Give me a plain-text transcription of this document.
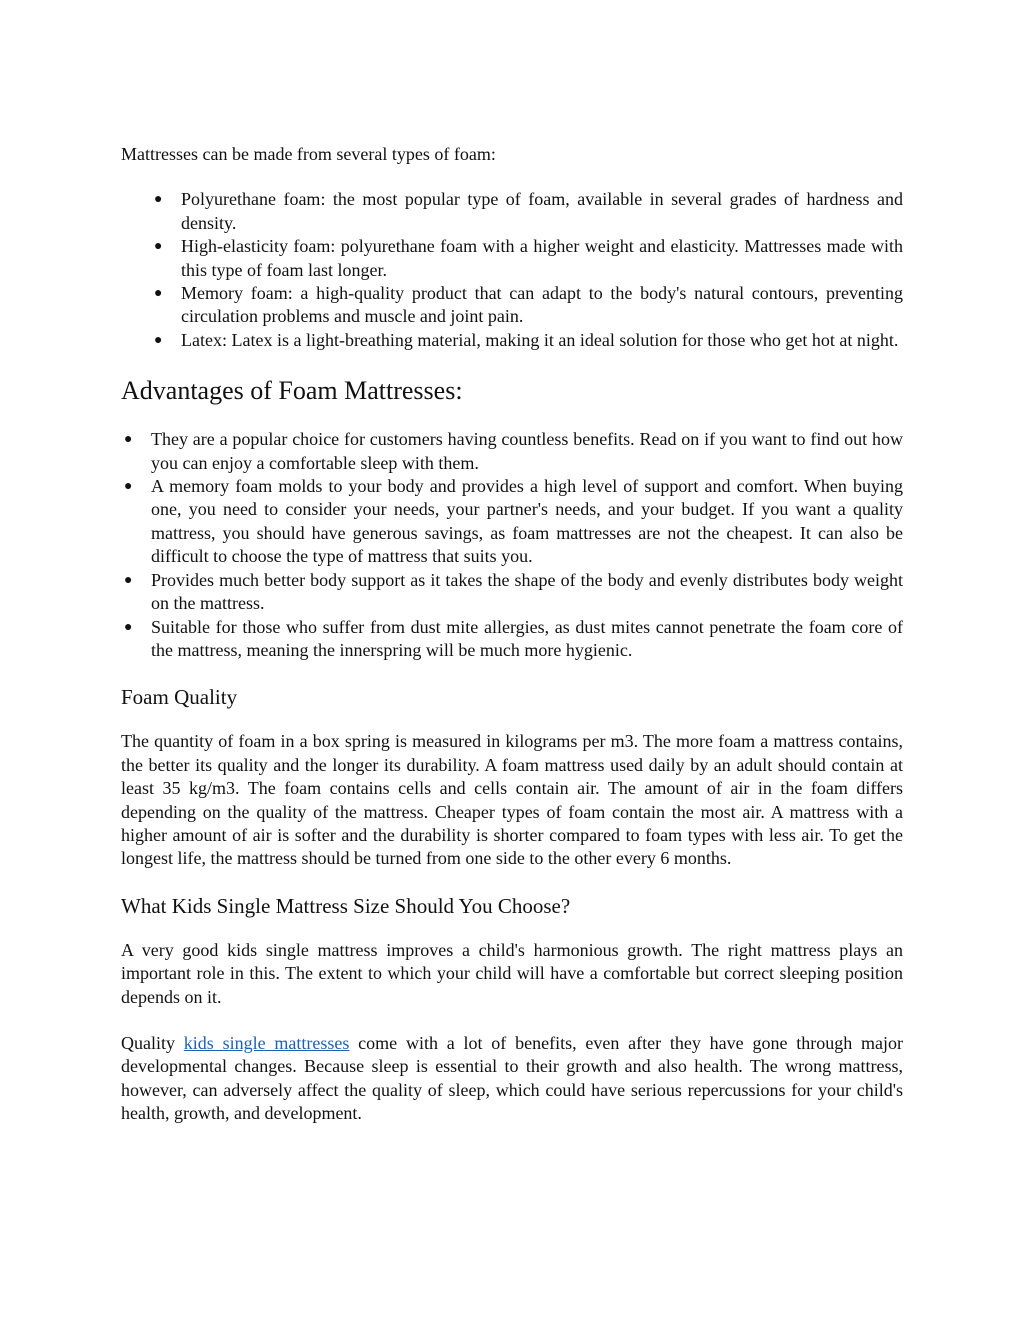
Mattresses can be made from several types of foam:

● Polyurethane foam: the most popular type of foam, available in several grades of hardness and density.
● High-elasticity foam: polyurethane foam with a higher weight and elasticity. Mattresses made with this type of foam last longer.
● Memory foam: a high-quality product that can adapt to the body's natural contours, preventing circulation problems and muscle and joint pain.
● Latex: Latex is a light-breathing material, making it an ideal solution for those who get hot at night.
Advantages of Foam Mattresses:
● They are a popular choice for customers having countless benefits. Read on if you want to find out how you can enjoy a comfortable sleep with them.
● A memory foam molds to your body and provides a high level of support and comfort. When buying one, you need to consider your needs, your partner's needs, and your budget. If you want a quality mattress, you should have generous savings, as foam mattresses are not the cheapest. It can also be difficult to choose the type of mattress that suits you.
● Provides much better body support as it takes the shape of the body and evenly distributes body weight on the mattress.
● Suitable for those who suffer from dust mite allergies, as dust mites cannot penetrate the foam core of the mattress, meaning the innerspring will be much more hygienic.
Foam Quality

The quantity of foam in a box spring is measured in kilograms per m3. The more foam a mattress contains, the better its quality and the longer its durability. A foam mattress used daily by an adult should contain at least 35 kg/m3. The foam contains cells and cells contain air. The amount of air in the foam differs depending on the quality of the mattress. Cheaper types of foam contain the most air. A mattress with a higher amount of air is softer and the durability is shorter compared to foam types with less air. To get the longest life, the mattress should be turned from one side to the other every 6 months.

What Kids Single Mattress Size Should You Choose?

A very good kids single mattress improves a child's harmonious growth. The right mattress plays an important role in this. The extent to which your child will have a comfortable but correct sleeping position depends on it.

Quality kids single mattresses come with a lot of benefits, even after they have gone through major developmental changes. Because sleep is essential to their growth and also health. The wrong mattress, however, can adversely affect the quality of sleep, which could have serious repercussions for your child's health, growth, and development.
